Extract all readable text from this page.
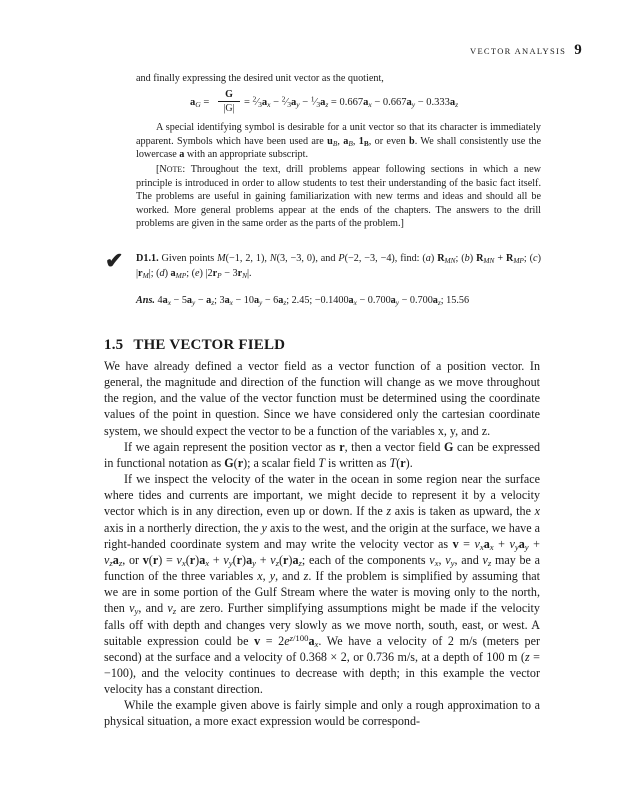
VECTOR ANALYSIS 9
and finally expressing the desired unit vector as the quotient,
$a_G = \frac{G}{|G|}$ = $^2⁄_3a_x$ − $^2⁄_3a_y$ − $^1⁄_3a_z = 0.667a_x - 0.667a_y - 0.333a_z$

A special identifying symbol is desirable for a unit vector so that its character is immediately apparent. Symbols which have been used are $u_B$, $a_B$, $1_B$, or even b. We shall consistently use the lowercase a with an appropriate subscript.

[NOTE: Throughout the text, drill problems appear following sections in which a new principle is introduced in order to allow students to test their understanding of the basic fact itself. The problems are useful in gaining familiarization with new terms and ideas and should all be worked. More general problems appear at the ends of the chapters. The answers to the drill problems are given in the same order as the parts of the problem.]

✔ D1.1. Given points M(−1, 2, 1), N(3, −3, 0), and P(−2, −3, −4), find: (a) $R_{MN}$; (b) $R_{MN} + R_{MP}$; (c) $|r_M|$; (d) $a_{MP}$; (e) $|2r_P - 3r_N|$.
Ans. $4a_x - 5a_y - a_z$; $3a_x - 10a_y - 6a_z$; 2.45; $-0.1400a_x - 0.700a_y - 0.700a_z$; 15.56
1.5 THE VECTOR FIELD

We have already defined a vector field as a vector function of a position vector. In general, the magnitude and direction of the function will change as we move throughout the region, and the value of the vector function must be determined using the coordinate values of the point in question. Since we have considered only the cartesian coordinate system, we should expect the vector to be a function of the variables x, y, and z.

If we again represent the position vector as r, then a vector field G can be expressed in functional notation as G(r); a scalar field T is written as T(r).

If we inspect the velocity of the water in the ocean in some region near the surface where tides and currents are important, we might decide to represent it by a velocity vector which is in any direction, even up or down. If the z axis is taken as upward, the x axis in a northerly direction, the y axis to the west, and the origin at the surface, we have a right-handed coordinate system and may write the velocity vector as $v = v_xa_x + v_ya_y + v_za_z$, or $v(r) = v_x(r)a_x + v_y(r)a_y + v_z(r)a_z$; each of the components $v_x$, $v_y$, and $v_z$ may be a function of the three variables x, y, and z. If the problem is simplified by assuming that we are in some portion of the Gulf Stream where the water is moving only to the north, then $v_y$, and $v_z$ are zero. Further simplifying assumptions might be made if the velocity falls off with depth and changes very slowly as we move north, south, east, or west. A suitable expression could be $v = 2e^{z/100}a_x$. We have a velocity of 2 m/s (meters per second) at the surface and a velocity of 0.368 × 2, or 0.736 m/s, at a depth of 100 m (z = −100), and the velocity continues to decrease with depth; in this example the vector velocity has a constant direction.

While the example given above is fairly simple and only a rough approximation to a physical situation, a more exact expression would be correspond-
